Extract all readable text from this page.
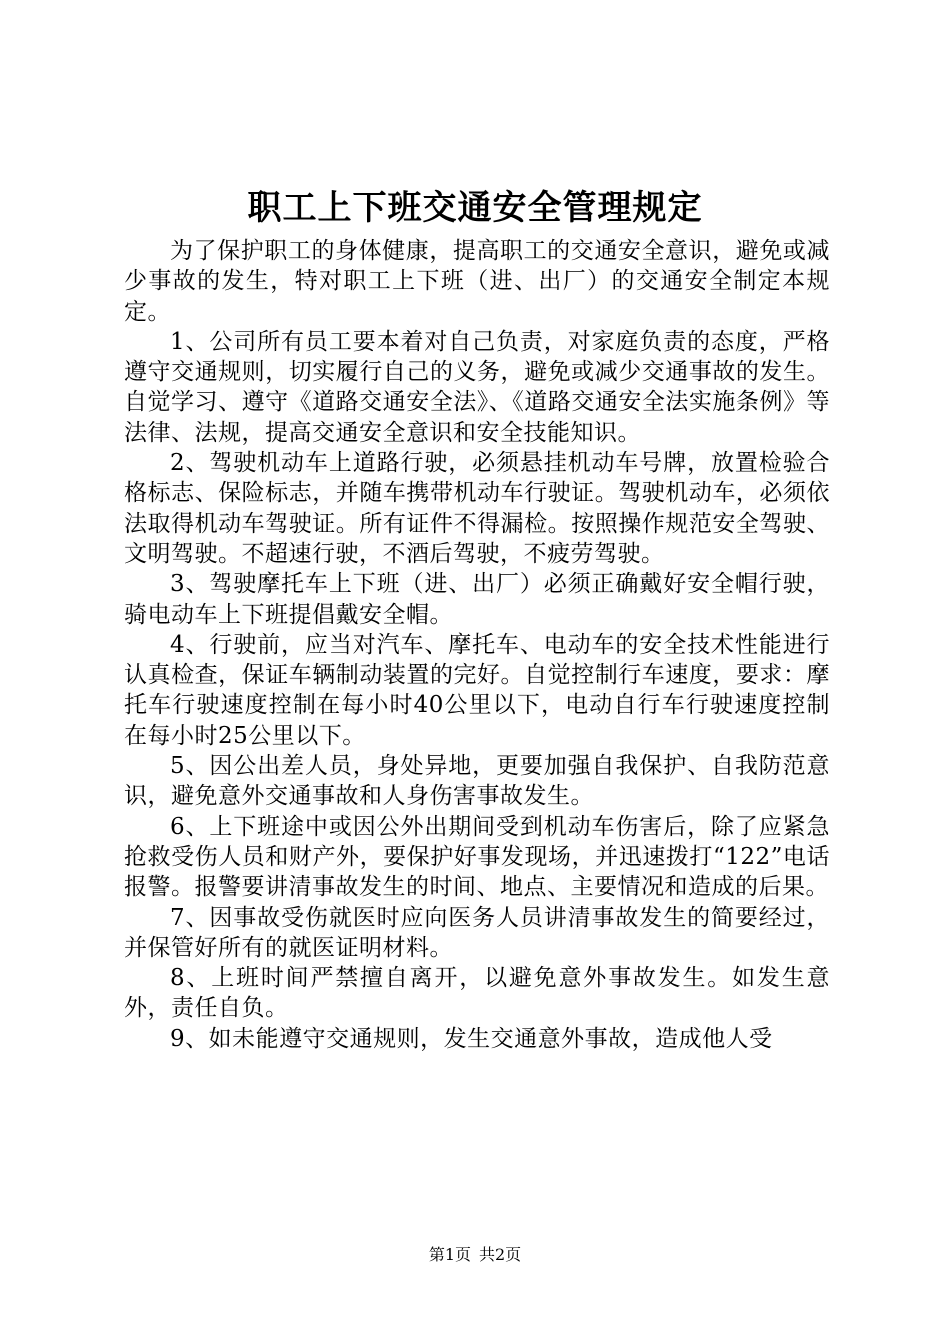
职工上下班交通安全管理规定

为了保护职工的身体健康，提高职工的交通安全意识，避免或减少事故的发生，特对职工上下班（进、出厂）的交通安全制定本规定。

1、公司所有员工要本着对自己负责，对家庭负责的态度，严格遵守交通规则，切实履行自己的义务，避免或减少交通事故的发生。自觉学习、遵守《道路交通安全法》、《道路交通安全法实施条例》等法律、法规，提高交通安全意识和安全技能知识。

2、驾驶机动车上道路行驶，必须悬挂机动车号牌，放置检验合格标志、保险标志，并随车携带机动车行驶证。驾驶机动车，必须依法取得机动车驾驶证。所有证件不得漏检。按照操作规范安全驾驶、文明驾驶。不超速行驶，不酒后驾驶，不疲劳驾驶。

3、驾驶摩托车上下班（进、出厂）必须正确戴好安全帽行驶，骑电动车上下班提倡戴安全帽。

4、行驶前，应当对汽车、摩托车、电动车的安全技术性能进行认真检查，保证车辆制动装置的完好。自觉控制行车速度，要求：摩托车行驶速度控制在每小时40公里以下，电动自行车行驶速度控制在每小时25公里以下。

5、因公出差人员，身处异地，更要加强自我保护、自我防范意识，避免意外交通事故和人身伤害事故发生。

6、上下班途中或因公外出期间受到机动车伤害后，除了应紧急抢救受伤人员和财产外，要保护好事发现场，并迅速拨打“122”电话报警。报警要讲清事故发生的时间、地点、主要情况和造成的后果。

7、因事故受伤就医时应向医务人员讲清事故发生的简要经过，并保管好所有的就医证明材料。

8、上班时间严禁擅自离开，以避免意外事故发生。如发生意外，责任自负。

9、如未能遵守交通规则，发生交通意外事故，造成他人受

第1页 共2页
